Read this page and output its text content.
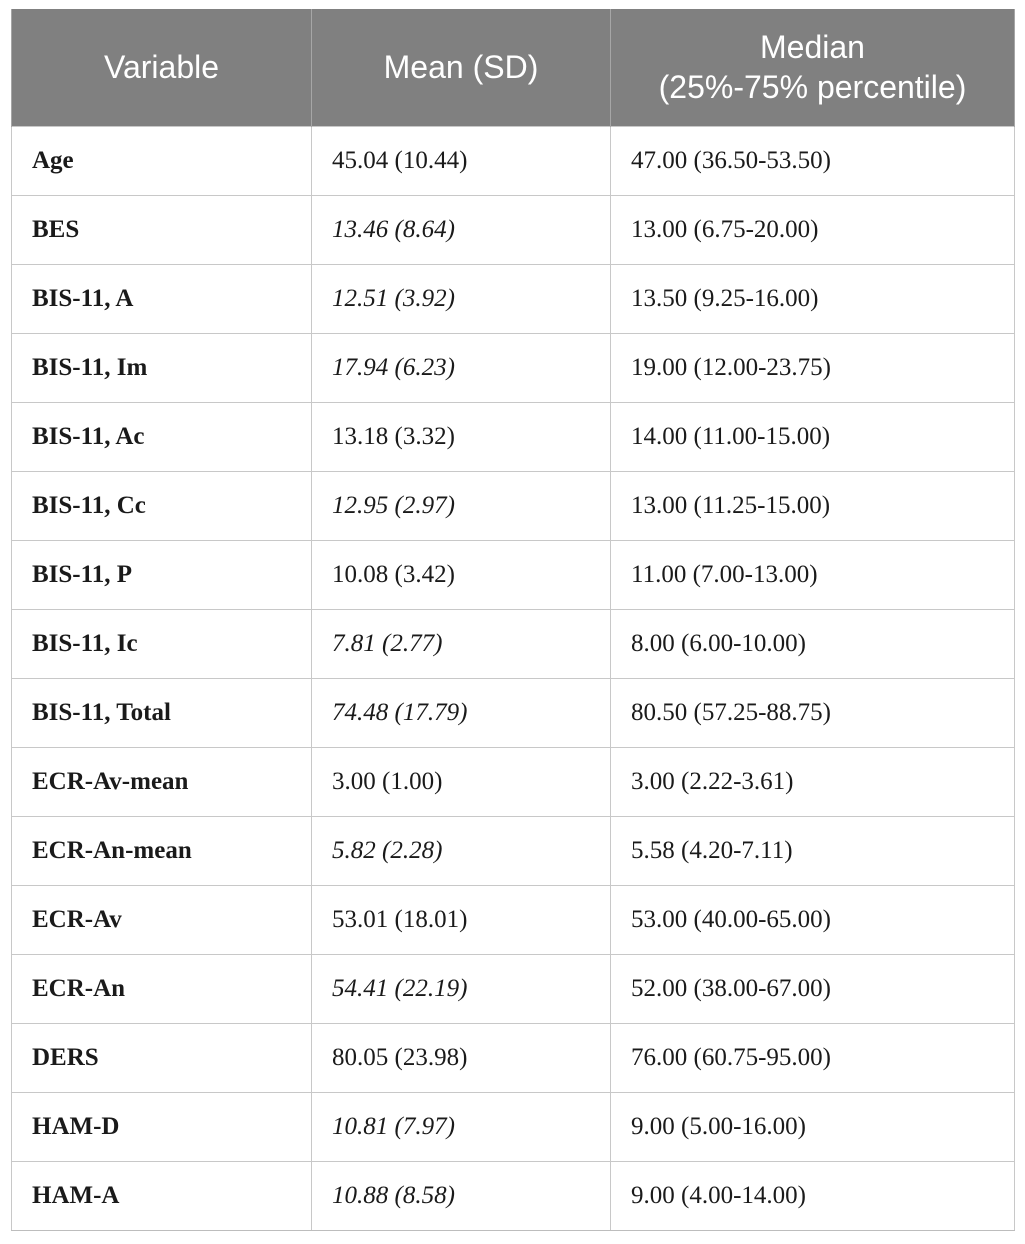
Variable	Mean (SD)	Median
(25%-75% percentile)

Age	45.04 (10.44)	47.00 (36.50-53.50)
BES	13.46 (8.64)	13.00 (6.75-20.00)
BIS-11, A	12.51 (3.92)	13.50 (9.25-16.00)
BIS-11, Im	17.94 (6.23)	19.00 (12.00-23.75)
BIS-11, Ac	13.18 (3.32)	14.00 (11.00-15.00)
BIS-11, Cc	12.95 (2.97)	13.00 (11.25-15.00)
BIS-11, P	10.08 (3.42)	11.00 (7.00-13.00)
BIS-11, Ic	7.81 (2.77)	8.00 (6.00-10.00)
BIS-11, Total	74.48 (17.79)	80.50 (57.25-88.75)
ECR-Av-mean	3.00 (1.00)	3.00 (2.22-3.61)
ECR-An-mean	5.82 (2.28)	5.58 (4.20-7.11)
ECR-Av	53.01 (18.01)	53.00 (40.00-65.00)
ECR-An	54.41 (22.19)	52.00 (38.00-67.00)
DERS	80.05 (23.98)	76.00 (60.75-95.00)
HAM-D	10.81 (7.97)	9.00 (5.00-16.00)
HAM-A	10.88 (8.58)	9.00 (4.00-14.00)
